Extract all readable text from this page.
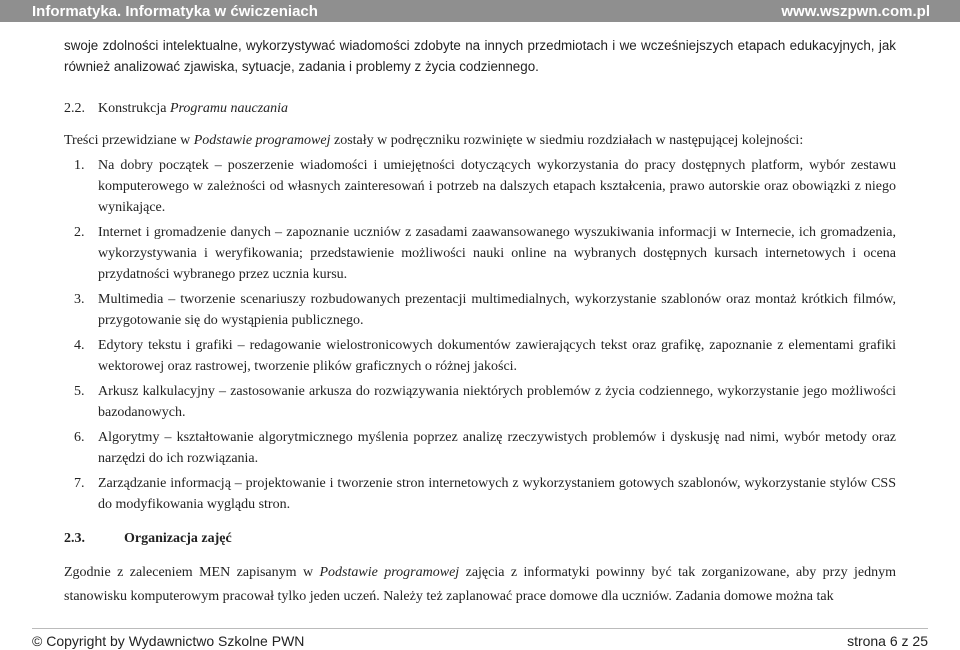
Informatyka. Informatyka w ćwiczeniach	www.wszpwn.com.pl

swoje zdolności intelektualne, wykorzystywać wiadomości zdobyte na innych przedmiotach i we wcześniejszych etapach edukacyjnych, jak również analizować zjawiska, sytuacje, zadania i problemy z życia codziennego.

2.2. Konstrukcja Programu nauczania

Treści przewidziane w Podstawie programowej zostały w podręczniku rozwinięte w siedmiu rozdziałach w następującej kolejności:

1. Na dobry początek – poszerzenie wiadomości i umiejętności dotyczących wykorzystania do pracy dostępnych platform, wybór zestawu komputerowego w zależności od własnych zainteresowań i potrzeb na dalszych etapach kształcenia, prawo autorskie oraz obowiązki z niego wynikające.
2. Internet i gromadzenie danych – zapoznanie uczniów z zasadami zaawansowanego wyszukiwania informacji w Internecie, ich gromadzenia, wykorzystywania i weryfikowania; przedstawienie możliwości nauki online na wybranych dostępnych kursach internetowych i ocena przydatności wybranego przez ucznia kursu.
3. Multimedia – tworzenie scenariuszy rozbudowanych prezentacji multimedialnych, wykorzystanie szablonów oraz montaż krótkich filmów, przygotowanie się do wystąpienia publicznego.
4. Edytory tekstu i grafiki – redagowanie wielostronicowych dokumentów zawierających tekst oraz grafikę, zapoznanie z elementami grafiki wektorowej oraz rastrowej, tworzenie plików graficznych o różnej jakości.
5. Arkusz kalkulacyjny – zastosowanie arkusza do rozwiązywania niektórych problemów z życia codziennego, wykorzystanie jego możliwości bazodanowych.
6. Algorytmy – kształtowanie algorytmicznego myślenia poprzez analizę rzeczywistych problemów i dyskusję nad nimi, wybór metody oraz narzędzi do ich rozwiązania.
7. Zarządzanie informacją – projektowanie i tworzenie stron internetowych z wykorzystaniem gotowych szablonów, wykorzystanie stylów CSS do modyfikowania wyglądu stron.
2.3.	Organizacja zajęć

Zgodnie z zaleceniem MEN zapisanym w Podstawie programowej zajęcia z informatyki powinny być tak zorganizowane, aby przy jednym stanowisku komputerowym pracował tylko jeden uczeń. Należy też zaplanować prace domowe dla uczniów. Zadania domowe można tak

© Copyright by Wydawnictwo Szkolne PWN	strona 6 z 25
